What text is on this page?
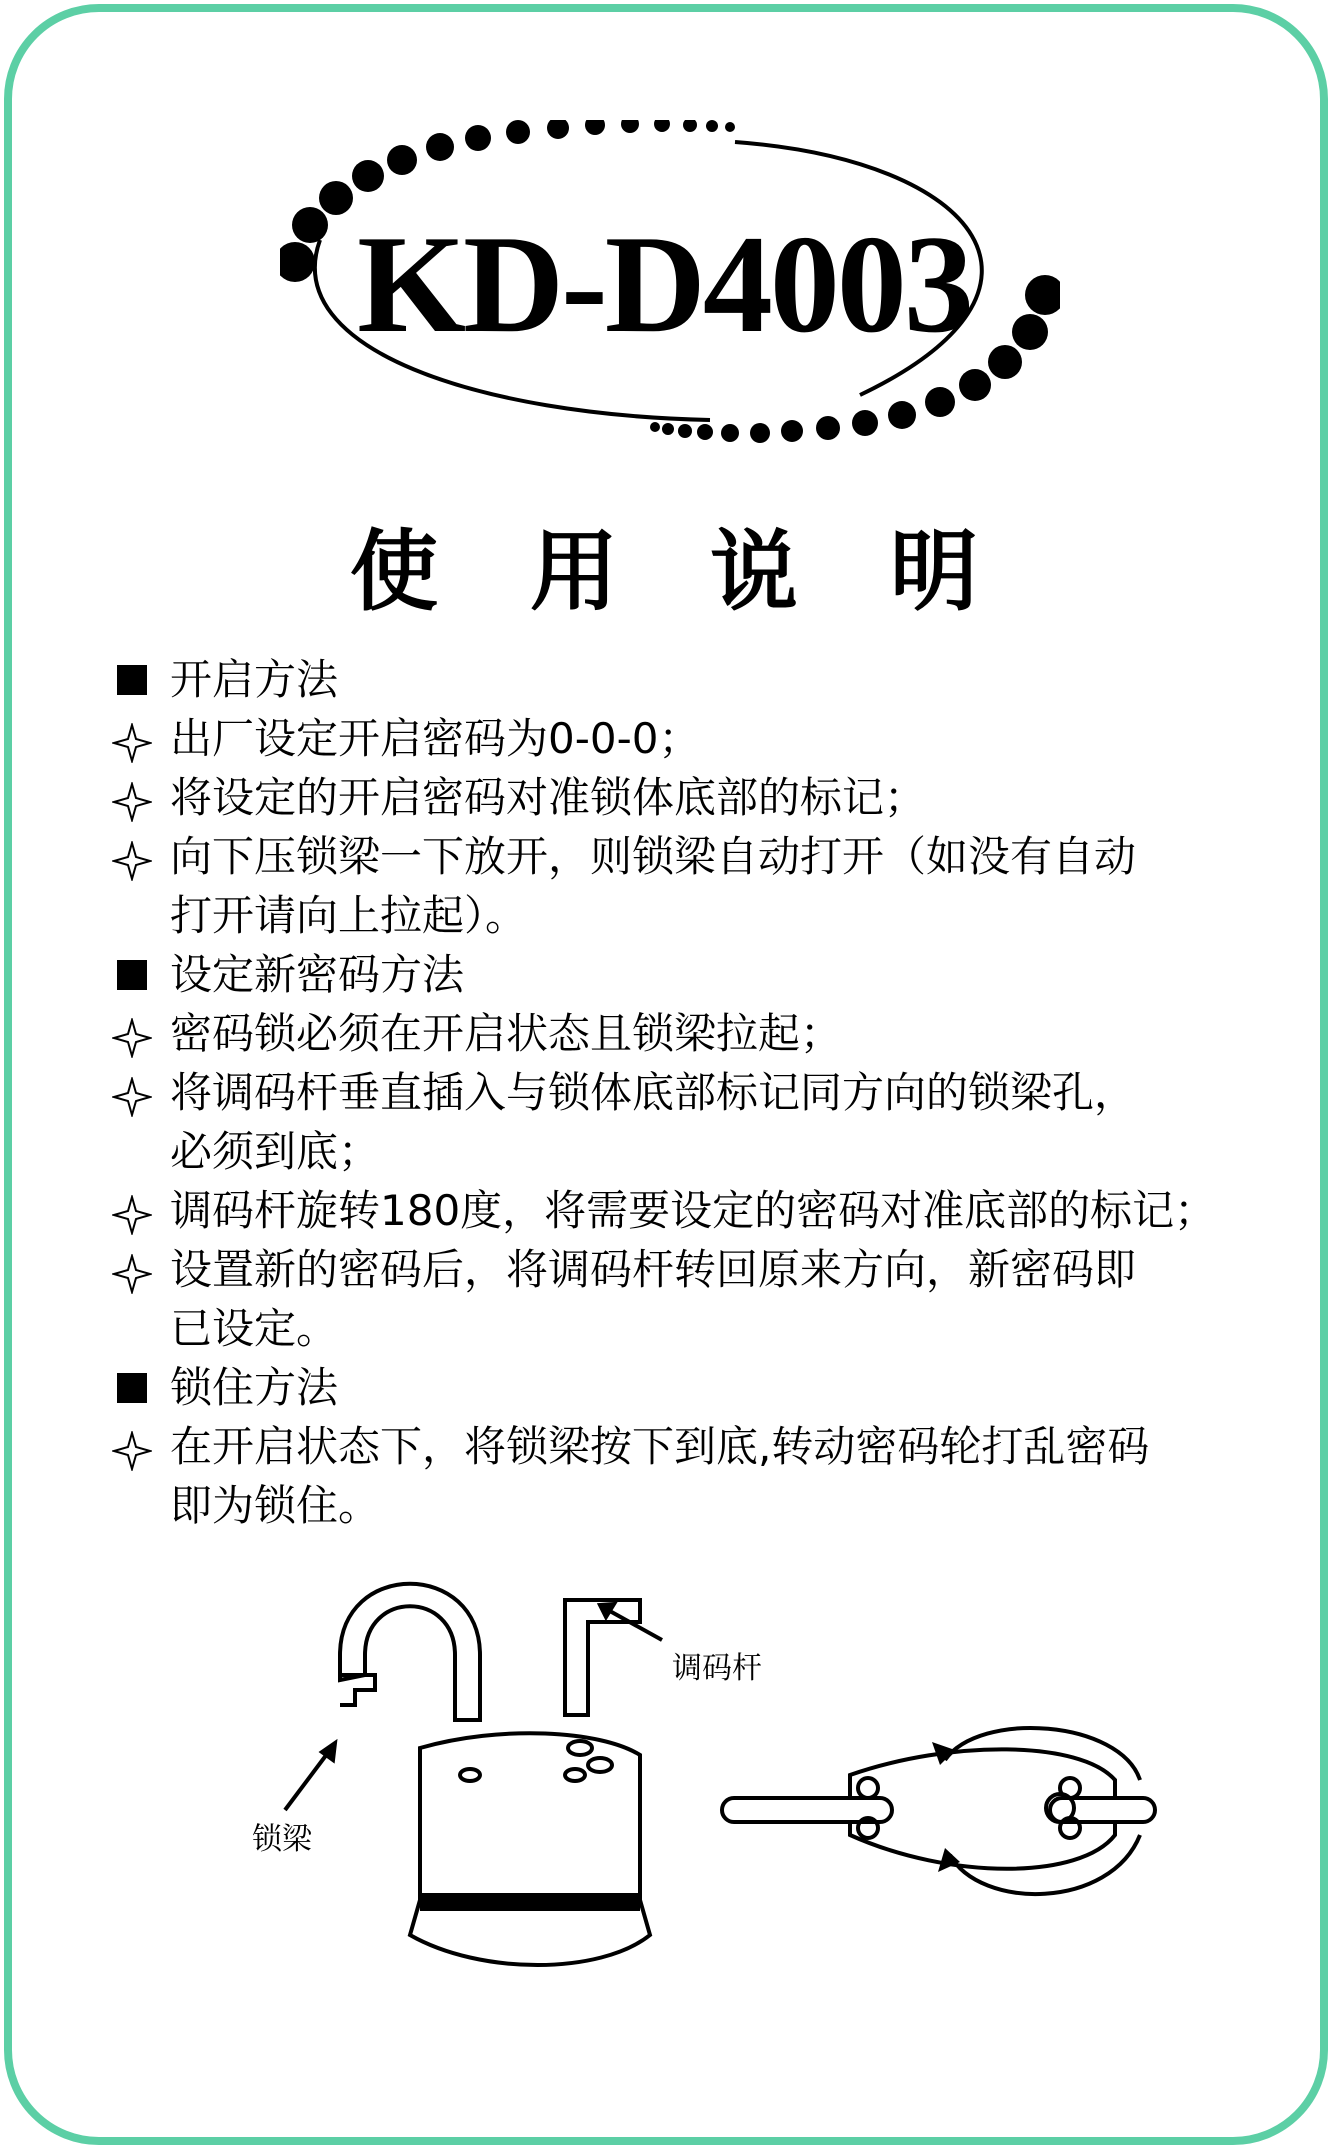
KD-D4003
使用说明
开启方法
出厂设定开启密码为0-0-0；
将设定的开启密码对准锁体底部的标记；
向下压锁梁一下放开，则锁梁自动打开（如没有自动
打开请向上拉起）。
设定新密码方法
密码锁必须在开启状态且锁梁拉起；
将调码杆垂直插入与锁体底部标记同方向的锁梁孔，
必须到底；
调码杆旋转180度，将需要设定的密码对准底部的标记；
设置新的密码后，将调码杆转回原来方向，新密码即
已设定。
锁住方法
在开启状态下，将锁梁按下到底,转动密码轮打乱密码
即为锁住。
调码杆
锁梁
